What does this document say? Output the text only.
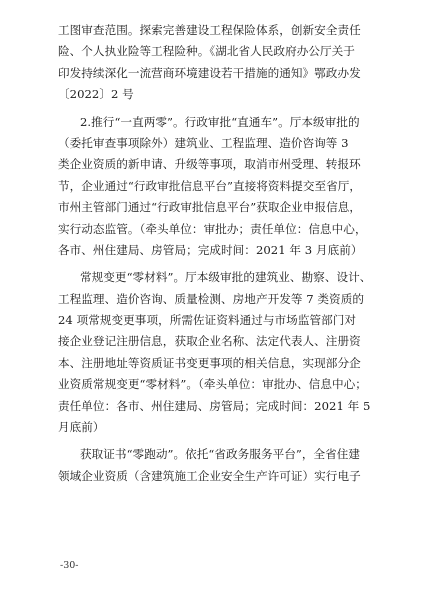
工图审查范围。探索完善建设工程保险体系，创新安全责任
险、个人执业险等工程险种。《湖北省人民政府办公厅关于
印发持续深化一流营商环境建设若干措施的通知》鄂政办发
〔2022〕2 号
2.推行“一直两零”。行政审批“直通车”。厅本级审批的
（委托审查事项除外）建筑业、工程监理、造价咨询等 3
类企业资质的新申请、升级等事项，取消市州受理、转报环
节，企业通过“行政审批信息平台”直接将资料提交至省厅，
市州主管部门通过“行政审批信息平台”获取企业申报信息，
实行动态监管。（牵头单位：审批办；责任单位：信息中心，
各市、州住建局、房管局；完成时间：2021 年 3 月底前）
常规变更“零材料”。厅本级审批的建筑业、勘察、设计、
工程监理、造价咨询、质量检测、房地产开发等 7 类资质的
24 项常规变更事项，所需佐证资料通过与市场监管部门对
接企业登记注册信息，获取企业名称、法定代表人、注册资
本、注册地址等资质证书变更事项的相关信息，实现部分企
业资质常规变更“零材料”。（牵头单位：审批办、信息中心；
责任单位：各市、州住建局、房管局；完成时间：2021 年 5
月底前）
获取证书“零跑动”。依托“省政务服务平台”，全省住建
领域企业资质（含建筑施工企业安全生产许可证）实行电子
-30-
